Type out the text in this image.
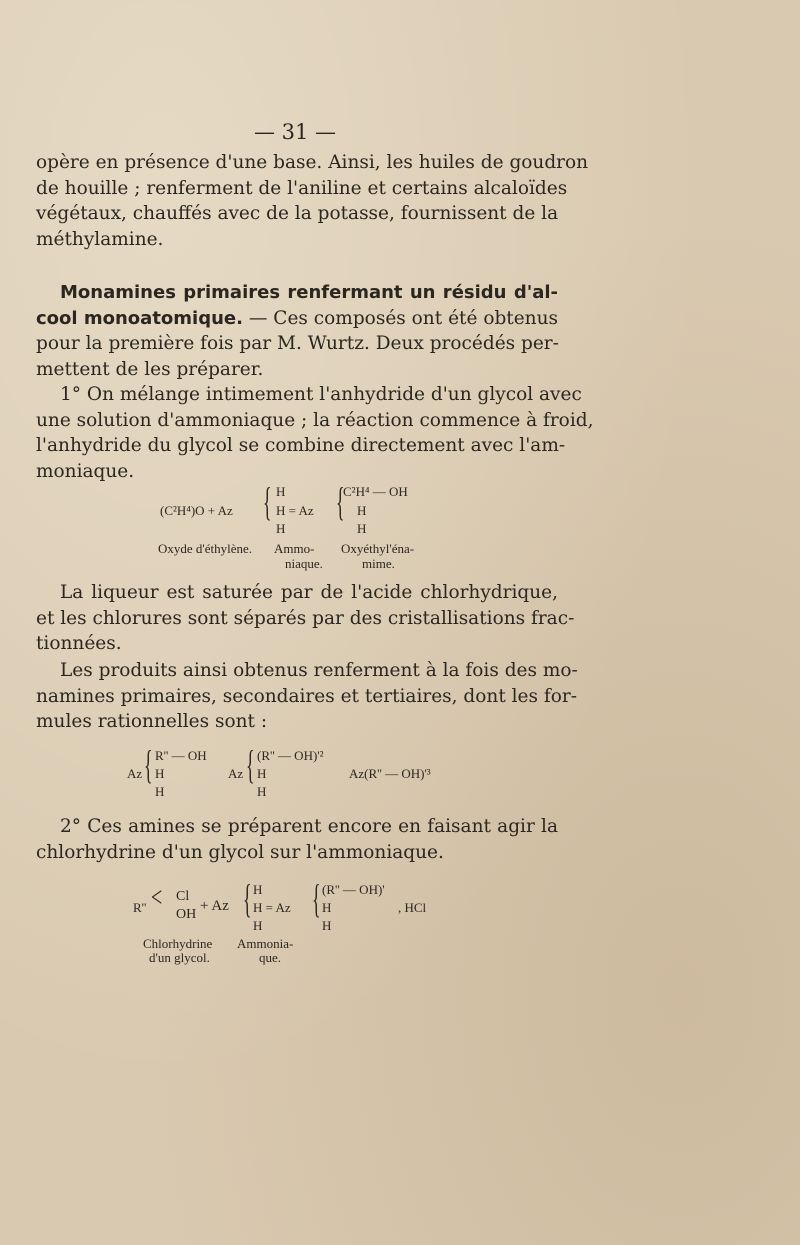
— 31 —
opère en présence d'une base. Ainsi, les huiles de goudron
de houille ; renferment de l'aniline et certains alcaloïdes
végétaux, chauffés avec de la potasse, fournissent de la
méthylamine.
Monamines primaires renfermant un résidu d'al-
cool monoatomique. — Ces composés ont été obtenus
pour la première fois par M. Wurtz. Deux procédés per-
mettent de les préparer.
1° On mélange intimement l'anhydride d'un glycol avec
une solution d'ammoniaque ; la réaction commence à froid,
l'anhydride du glycol se combine directement avec l'am-
moniaque.
(C²H⁴)O + Az { H
H = Az
H
{
C²H⁴ — OH
H
H
Oxyde d'éthylène. Ammo-
niaque.
Oxyéthyl'éna-
mime.
La liqueur est saturée par de l'acide chlorhydrique,
et les chlorures sont séparés par des cristallisations frac-
tionnées.
Les produits ainsi obtenus renferment à la fois des mo-
namines primaires, secondaires et tertiaires, dont les for-
mules rationnelles sont :
Az { R'' — OH
H
H
Az { (R'' — OH)'²
H
H
Az(R'' — OH)'³
2° Ces amines se préparent encore en faisant agir la
chlorhydrine d'un glycol sur l'ammoniaque.
R'' < Cl
OH
+ Az { H
H = Az
H
{ (R'' — OH)'
H
H
, HCl
Chlorhydrine
d'un glycol.
Ammonia-
que.
